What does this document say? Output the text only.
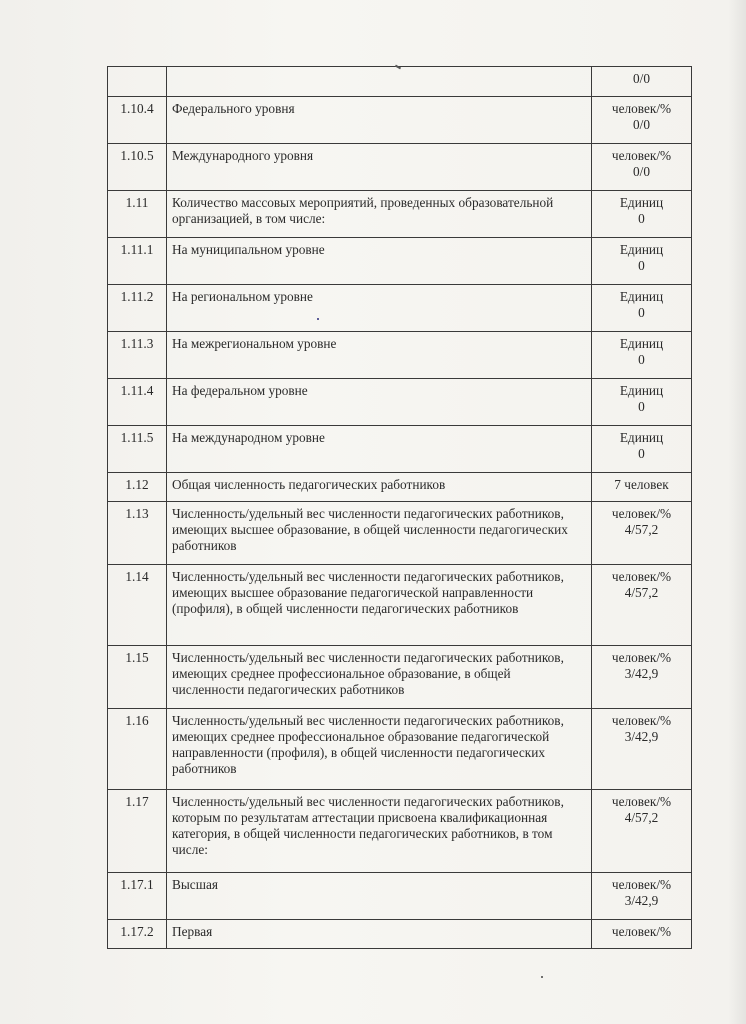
		0/0
1.10.4	Федерального уровня	человек/%
0/0
1.10.5	Международного уровня	человек/%
0/0
1.11	Количество массовых мероприятий, проведенных образовательной организацией, в том числе:	Единиц
0
1.11.1	На муниципальном уровне	Единиц
0
1.11.2	На региональном уровне	Единиц
0
1.11.3	На межрегиональном уровне	Единиц
0
1.11.4	На федеральном уровне	Единиц
0
1.11.5	На международном уровне	Единиц
0
1.12	Общая численность педагогических работников	7 человек
1.13	Численность/удельный вес численности педагогических работников, имеющих высшее образование, в общей численности педагогических работников	человек/%
4/57,2
1.14	Численность/удельный вес численности педагогических работников, имеющих высшее образование педагогической направленности (профиля), в общей численности педагогических работников	человек/%
4/57,2
1.15	Численность/удельный вес численности педагогических работников, имеющих среднее профессиональное образование, в общей численности педагогических работников	человек/%
3/42,9
1.16	Численность/удельный вес численности педагогических работников, имеющих среднее профессиональное образование педагогической направленности (профиля), в общей численности педагогических работников	человек/%
3/42,9
1.17	Численность/удельный вес численности педагогических работников, которым по результатам аттестации присвоена квалификационная категория, в общей численности педагогических работников, в том числе:	человек/%
4/57,2
1.17.1	Высшая	человек/%
3/42,9
1.17.2	Первая	человек/%
